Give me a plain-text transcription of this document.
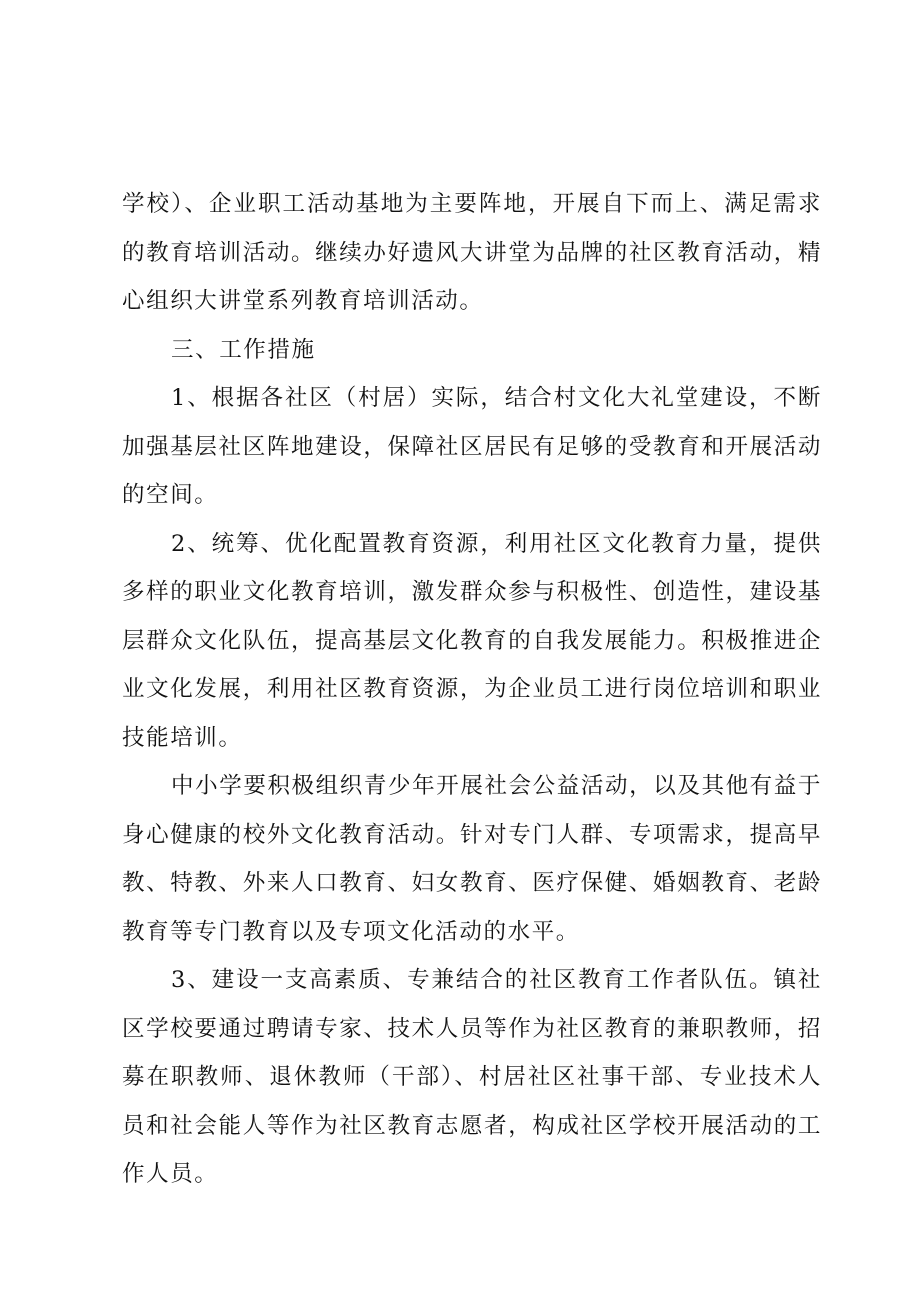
学校）、企业职工活动基地为主要阵地，开展自下而上、满足需求的教育培训活动。继续办好遗风大讲堂为品牌的社区教育活动，精心组织大讲堂系列教育培训活动。

三、工作措施

1、根据各社区（村居）实际，结合村文化大礼堂建设，不断加强基层社区阵地建设，保障社区居民有足够的受教育和开展活动的空间。

2、统筹、优化配置教育资源，利用社区文化教育力量，提供多样的职业文化教育培训，激发群众参与积极性、创造性，建设基层群众文化队伍，提高基层文化教育的自我发展能力。积极推进企业文化发展，利用社区教育资源，为企业员工进行岗位培训和职业技能培训。

中小学要积极组织青少年开展社会公益活动，以及其他有益于身心健康的校外文化教育活动。针对专门人群、专项需求，提高早教、特教、外来人口教育、妇女教育、医疗保健、婚姻教育、老龄教育等专门教育以及专项文化活动的水平。

3、建设一支高素质、专兼结合的社区教育工作者队伍。镇社区学校要通过聘请专家、技术人员等作为社区教育的兼职教师，招募在职教师、退休教师（干部）、村居社区社事干部、专业技术人员和社会能人等作为社区教育志愿者，构成社区学校开展活动的工作人员。
